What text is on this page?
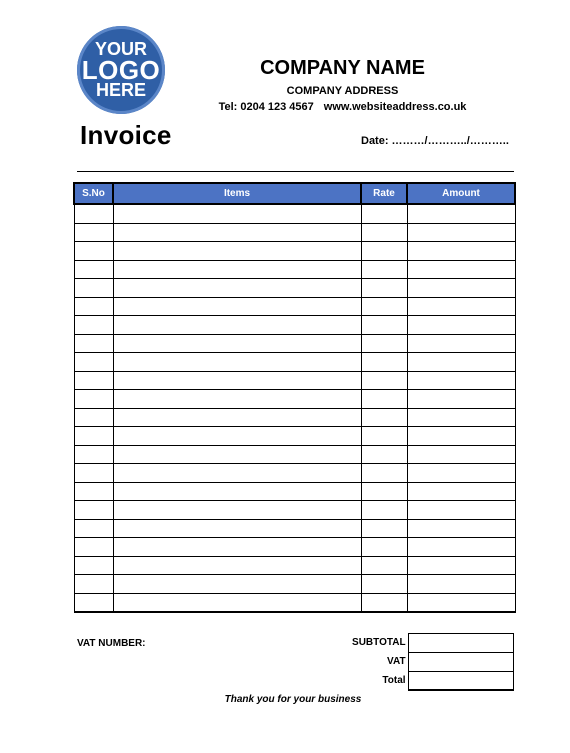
YOUR
LOGO
HERE
COMPANY NAME
COMPANY ADDRESS
Tel: 0204 123 4567 www.websiteaddress.co.uk
Invoice	Date: ………/………../………..
S.No	Items	Rate	Amount

VAT NUMBER:	SUBTOTAL
VAT
Total
Thank you for your business
